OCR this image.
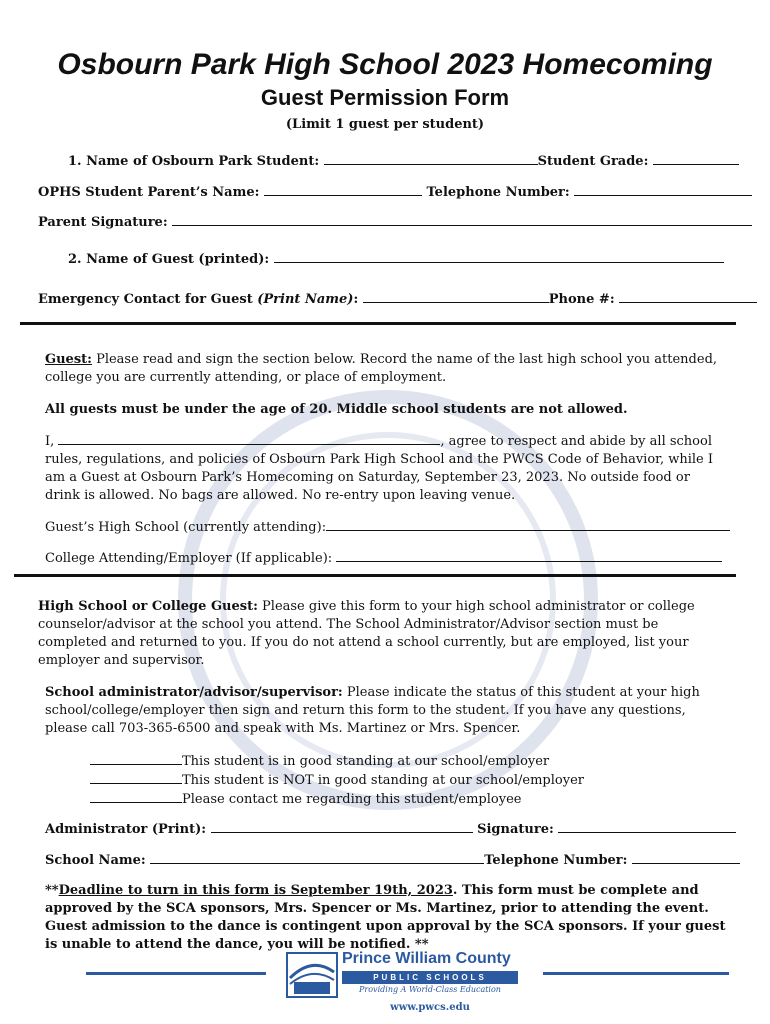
Osbourn Park High School 2023 Homecoming
Guest Permission Form
(Limit 1 guest per student)
1. Name of Osbourn Park Student:	Student Grade:
OPHS Student Parent’s Name:	Telephone Number:
Parent Signature:
2. Name of Guest (printed):
Emergency Contact for Guest (Print Name):	Phone #:
Guest: Please read and sign the section below. Record the name of the last high school you attended, college you are currently attending, or place of employment.
All guests must be under the age of 20. Middle school students are not allowed.
I,	, agree to respect and abide by all school rules, regulations, and policies of Osbourn Park High School and the PWCS Code of Behavior, while I am a Guest at Osbourn Park’s Homecoming on Saturday, September 23, 2023. No outside food or drink is allowed. No bags are allowed. No re-entry upon leaving venue.
Guest’s High School (currently attending):
College Attending/Employer (If applicable):
High School or College Guest: Please give this form to your high school administrator or college counselor/advisor at the school you attend. The School Administrator/Advisor section must be completed and returned to you. If you do not attend a school currently, but are employed, list your employer and supervisor.
School administrator/advisor/supervisor: Please indicate the status of this student at your high school/college/employer then sign and return this form to the student. If you have any questions, please call 703-365-6500 and speak with Ms. Martinez or Mrs. Spencer.
This student is in good standing at our school/employer
This student is NOT in good standing at our school/employer
Please contact me regarding this student/employee
Administrator (Print):	Signature:
School Name:	Telephone Number:
**Deadline to turn in this form is September 19th, 2023. This form must be complete and approved by the SCA sponsors, Mrs. Spencer or Ms. Martinez, prior to attending the event. Guest admission to the dance is contingent upon approval by the SCA sponsors. If your guest is unable to attend the dance, you will be notified. **
Prince William County
PUBLIC SCHOOLS
Providing A World-Class Education
www.pwcs.edu
